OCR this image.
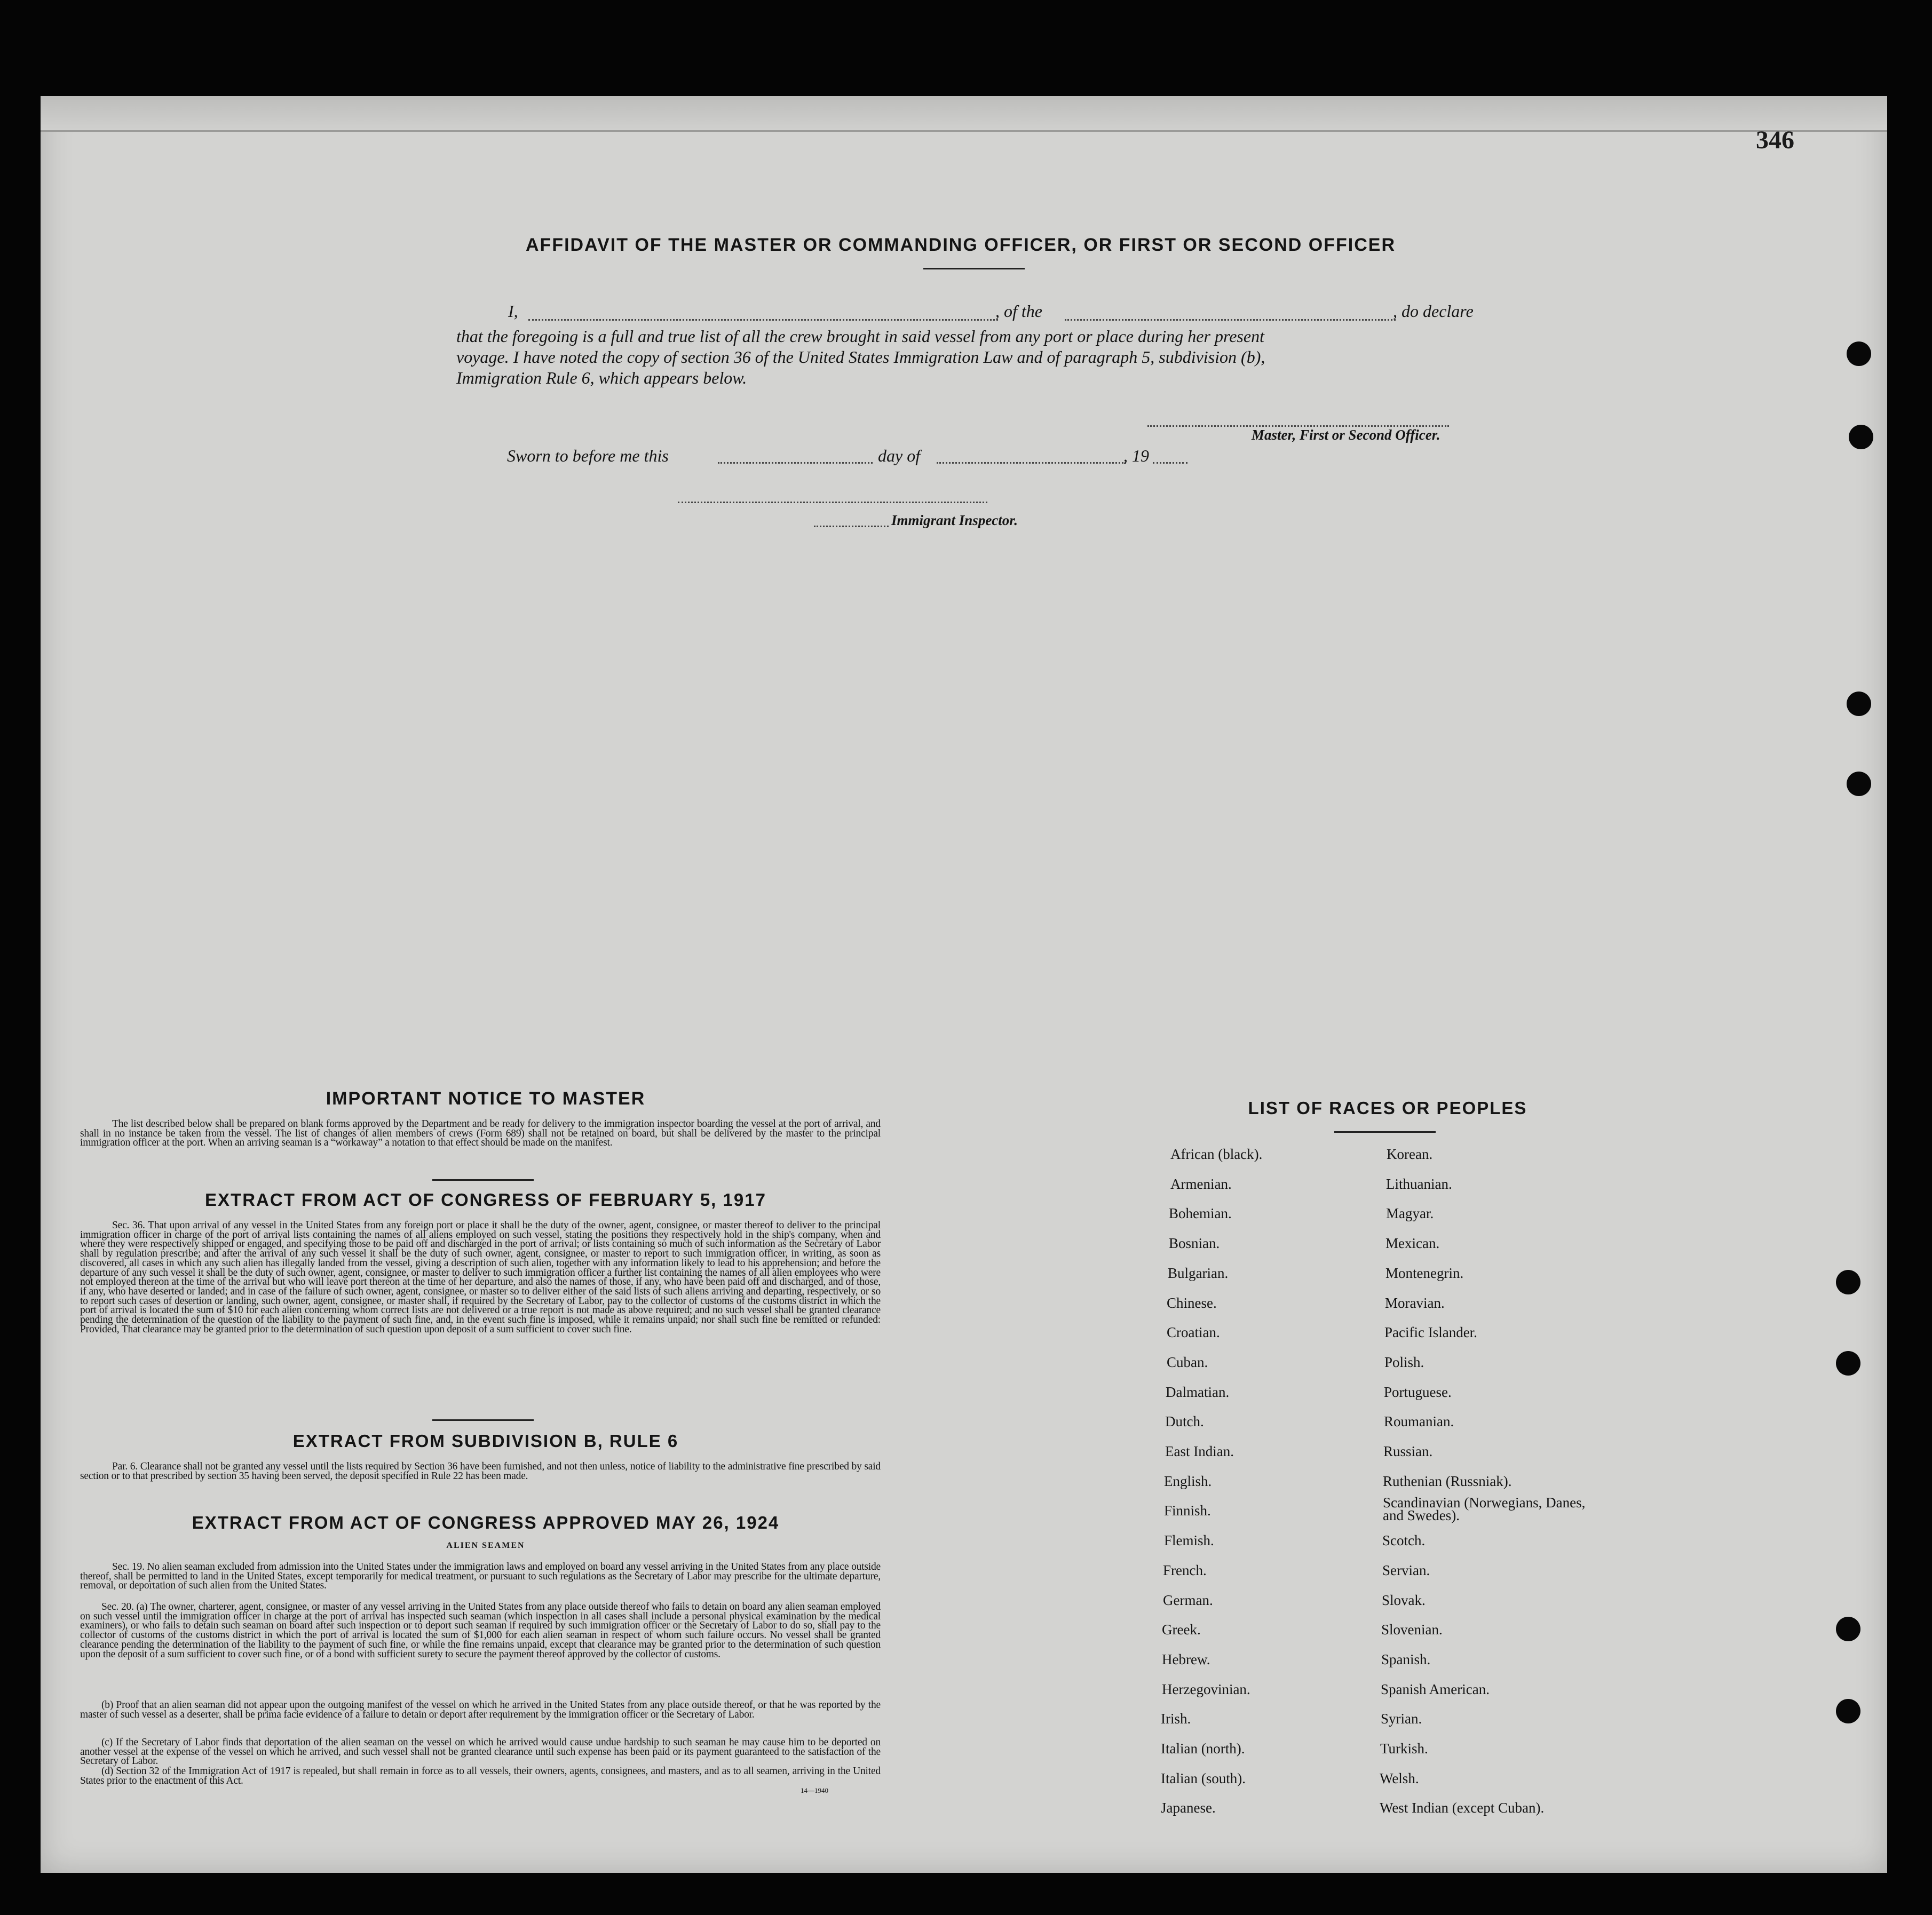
346
AFFIDAVIT OF THE MASTER OR COMMANDING OFFICER, OR FIRST OR SECOND OFFICER
I,	, of the	, do declare
that the foregoing is a full and true list of all the crew brought in said vessel from any port or place during her present
voyage. I have noted the copy of section 36 of the United States Immigration Law and of paragraph 5, subdivision (b),
Immigration Rule 6, which appears below.
Master, First or Second Officer.
Sworn to before me this	day of	, 19
Immigrant Inspector.
IMPORTANT NOTICE TO MASTER
The list described below shall be prepared on blank forms approved by the Department and be ready for delivery to the immigration inspector boarding the vessel at the port of arrival, and shall in no instance be taken from the vessel. The list of changes of alien members of crews (Form 689) shall not be retained on board, but shall be delivered by the master to the principal immigration officer at the port. When an arriving seaman is a “workaway” a notation to that effect should be made on the manifest.
EXTRACT FROM ACT OF CONGRESS OF FEBRUARY 5, 1917
Sec. 36. That upon arrival of any vessel in the United States from any foreign port or place it shall be the duty of the owner, agent, consignee, or master thereof to deliver to the principal immigration officer in charge of the port of arrival lists containing the names of all aliens employed on such vessel, stating the positions they respectively hold in the ship's company, when and where they were respectively shipped or engaged, and specifying those to be paid off and discharged in the port of arrival; or lists containing so much of such information as the Secretary of Labor shall by regulation prescribe; and after the arrival of any such vessel it shall be the duty of such owner, agent, consignee, or master to report to such immigration officer, in writing, as soon as discovered, all cases in which any such alien has illegally landed from the vessel, giving a description of such alien, together with any information likely to lead to his apprehension; and before the departure of any such vessel it shall be the duty of such owner, agent, consignee, or master to deliver to such immigration officer a further list containing the names of all alien employees who were not employed thereon at the time of the arrival but who will leave port thereon at the time of her departure, and also the names of those, if any, who have been paid off and discharged, and of those, if any, who have deserted or landed; and in case of the failure of such owner, agent, consignee, or master so to deliver either of the said lists of such aliens arriving and departing, respectively, or so to report such cases of desertion or landing, such owner, agent, consignee, or master shall, if required by the Secretary of Labor, pay to the collector of customs of the customs district in which the port of arrival is located the sum of $10 for each alien concerning whom correct lists are not delivered or a true report is not made as above required; and no such vessel shall be granted clearance pending the determination of the question of the liability to the payment of such fine, and, in the event such fine is imposed, while it remains unpaid; nor shall such fine be remitted or refunded: Provided, That clearance may be granted prior to the determination of such question upon deposit of a sum sufficient to cover such fine.
EXTRACT FROM SUBDIVISION B, RULE 6
Par. 6. Clearance shall not be granted any vessel until the lists required by Section 36 have been furnished, and not then unless, notice of liability to the administrative fine prescribed by said section or to that prescribed by section 35 having been served, the deposit specified in Rule 22 has been made.
EXTRACT FROM ACT OF CONGRESS APPROVED MAY 26, 1924
ALIEN SEAMEN
Sec. 19. No alien seaman excluded from admission into the United States under the immigration laws and employed on board any vessel arriving in the United States from any place outside thereof, shall be permitted to land in the United States, except temporarily for medical treatment, or pursuant to such regulations as the Secretary of Labor may prescribe for the ultimate departure, removal, or deportation of such alien from the United States.
Sec. 20. (a) The owner, charterer, agent, consignee, or master of any vessel arriving in the United States from any place outside thereof who fails to detain on board any alien seaman employed on such vessel until the immigration officer in charge at the port of arrival has inspected such seaman (which inspection in all cases shall include a personal physical examination by the medical examiners), or who fails to detain such seaman on board after such inspection or to deport such seaman if required by such immigration officer or the Secretary of Labor to do so, shall pay to the collector of customs of the customs district in which the port of arrival is located the sum of $1,000 for each alien seaman in respect of whom such failure occurs. No vessel shall be granted clearance pending the determination of the liability to the payment of such fine, or while the fine remains unpaid, except that clearance may be granted prior to the determination of such question upon the deposit of a sum sufficient to cover such fine, or of a bond with sufficient surety to secure the payment thereof approved by the collector of customs.
(b) Proof that an alien seaman did not appear upon the outgoing manifest of the vessel on which he arrived in the United States from any place outside thereof, or that he was reported by the master of such vessel as a deserter, shall be prima facie evidence of a failure to detain or deport after requirement by the immigration officer or the Secretary of Labor.
(c) If the Secretary of Labor finds that deportation of the alien seaman on the vessel on which he arrived would cause undue hardship to such seaman he may cause him to be deported on another vessel at the expense of the vessel on which he arrived, and such vessel shall not be granted clearance until such expense has been paid or its payment guaranteed to the satisfaction of the Secretary of Labor.
(d) Section 32 of the Immigration Act of 1917 is repealed, but shall remain in force as to all vessels, their owners, agents, consignees, and masters, and as to all seamen, arriving in the United States prior to the enactment of this Act.
14—1940
LIST OF RACES OR PEOPLES
African (black).
Armenian.
Bohemian.
Bosnian.
Bulgarian.
Chinese.
Croatian.
Cuban.
Dalmatian.
Dutch.
East Indian.
English.
Finnish.
Flemish.
French.
German.
Greek.
Hebrew.
Herzegovinian.
Irish.
Italian (north).
Italian (south).
Japanese.
Korean.
Lithuanian.
Magyar.
Mexican.
Montenegrin.
Moravian.
Pacific Islander.
Polish.
Portuguese.
Roumanian.
Russian.
Ruthenian (Russniak).
Scandinavian (Norwegians, Danes, and Swedes).
Scotch.
Servian.
Slovak.
Slovenian.
Spanish.
Spanish American.
Syrian.
Turkish.
Welsh.
West Indian (except Cuban).
